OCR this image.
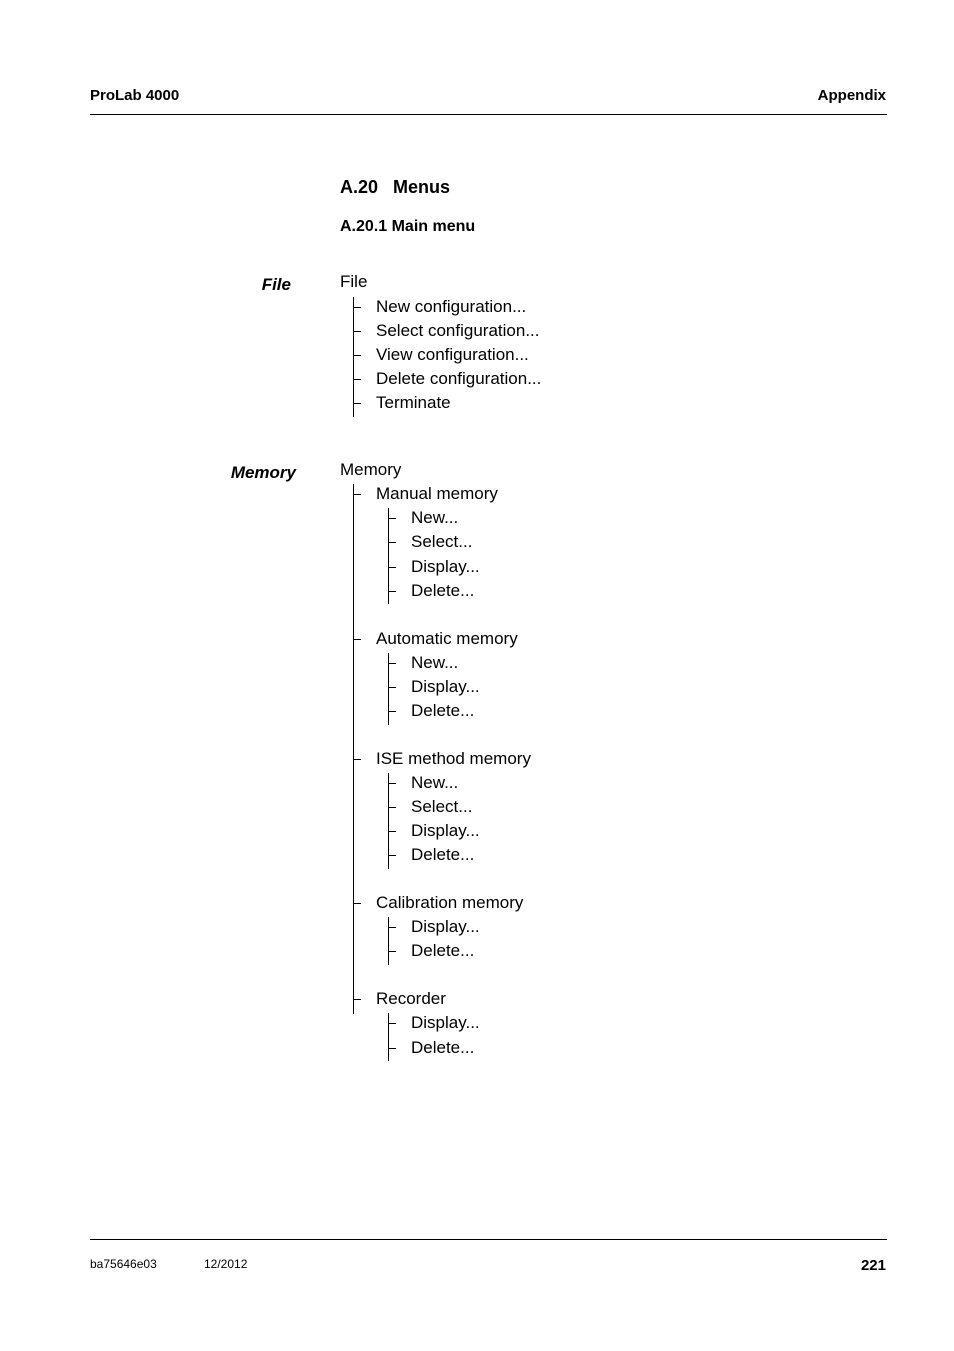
ProLab 4000	Appendix
A.20   Menus
A.20.1 Main menu
File	File
New configuration...
Select configuration...
View configuration...
Delete configuration...
Terminate
Memory	Memory
Manual memory
New...
Select...
Display...
Delete...
Automatic memory
New...
Display...
Delete...
ISE method memory
New...
Select...
Display...
Delete...
Calibration memory
Display...
Delete...
Recorder
Display...
Delete...
ba75646e03	12/2012	221
